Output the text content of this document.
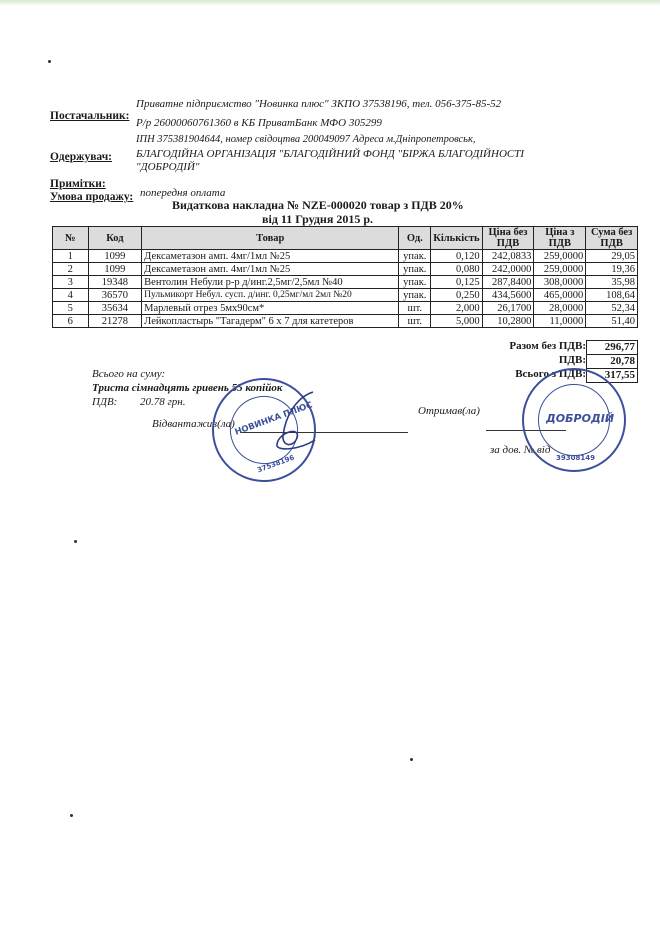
Постачальник:
Приватне підприємство "Новинка плюс" ЗКПО 37538196, тел. 056-375-85-52
Р/р 26000060761360 в КБ ПриватБанк МФО 305299
ІПН 375381904644, номер свідоцтва 200049097 Адреса м.Дніпропетровськ,
Одержувач: БЛАГОДІЙНА ОРГАНІЗАЦІЯ "БЛАГОДІЙНИЙ ФОНД "БІРЖА БЛАГОДІЙНОСТІ
"ДОБРОДІЙ"
Примітки:
Умова продажу: попередня оплата
Видаткова накладна № NZE-000020 товар з ПДВ 20%
від 11 Грудня 2015 р.
№	Код	Товар	Од.	Кількість	Ціна без ПДВ	Ціна з ПДВ	Сума без ПДВ
1	1099	Дексаметазон амп. 4мг/1мл №25	упак.	0,120	242,0833	259,0000	29,05
2	1099	Дексаметазон амп. 4мг/1мл №25	упак.	0,080	242,0000	259,0000	19,36
3	19348	Вентолин Небули р-р д/инг.2,5мг/2,5мл №40	упак.	0,125	287,8400	308,0000	35,98
4	36570	Пульмикорт Небул. сусп. д/инг. 0,25мг/мл 2мл №20	упак.	0,250	434,5600	465,0000	108,64
5	35634	Марлевый отрез 5мх90см*	шт.	2,000	26,1700	28,0000	52,34
6	21278	Лейкопластырь "Тагадерм" 6 х 7 для катетеров	шт.	5,000	10,2800	11,0000	51,40
Разом без ПДВ:	296,77
ПДВ:	20,78
Всього з ПДВ:	317,55
Всього на суму:
Триста сімнадцять гривень 55 копійок
ПДВ: 20.78 грн.
Відвантажив(ла)
Отримав(ла)
за дов. № від
НОВИНКА ПЛЮС
37538196
ДОБРОДІЙ
39308149
